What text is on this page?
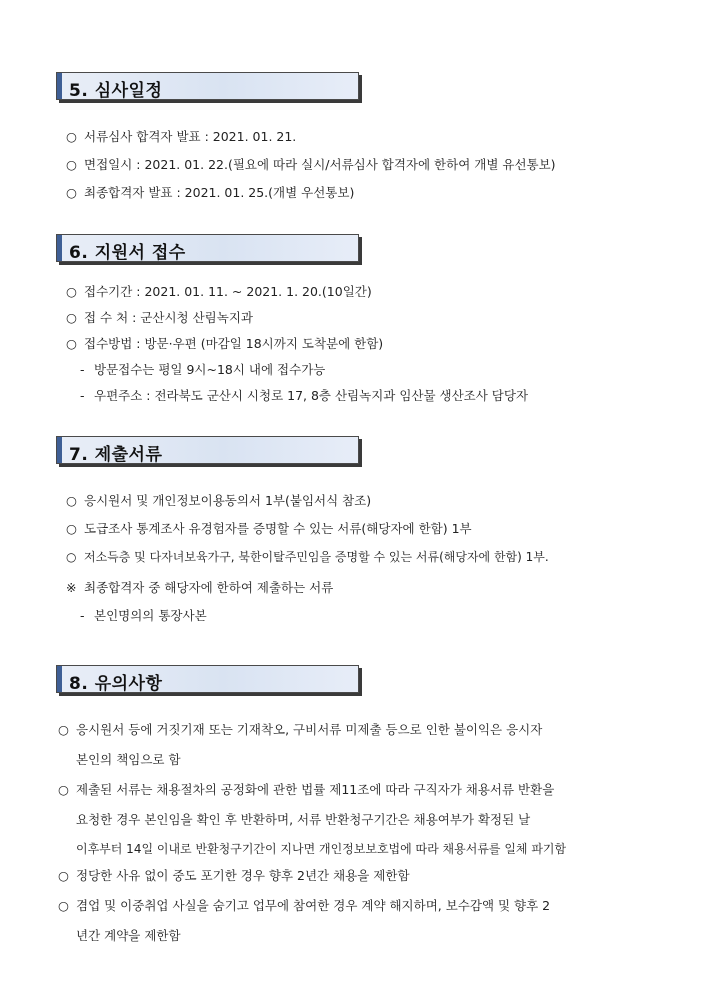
5. 심사일정
○ 서류심사 합격자 발표 : 2021. 01. 21.
○ 면접일시 : 2021. 01. 22.(필요에 따라 실시/서류심사 합격자에 한하여 개별 유선통보)
○ 최종합격자 발표 : 2021. 01. 25.(개별 우선통보)
6. 지원서 접수
○ 접수기간 : 2021. 01. 11. ~ 2021. 1. 20.(10일간)
○ 접 수 처 : 군산시청 산림녹지과
○ 접수방법 : 방문·우편 (마감일 18시까지 도착분에 한함)
- 방문접수는 평일 9시~18시 내에 접수가능
- 우편주소 : 전라북도 군산시 시청로 17, 8층 산림녹지과 임산물 생산조사 담당자
7. 제출서류
○ 응시원서 및 개인정보이용동의서 1부(붙임서식 참조)
○ 도급조사 통계조사 유경험자를 증명할 수 있는 서류(해당자에 한함) 1부
○ 저소득층 및 다자녀보육가구, 북한이탈주민임을 증명할 수 있는 서류(해당자에 한함) 1부.
※ 최종합격자 중 해당자에 한하여 제출하는 서류
- 본인명의의 통장사본
8. 유의사항
○ 응시원서 등에 거짓기재 또는 기재착오, 구비서류 미제출 등으로 인한 불이익은 응시자
본인의 책임으로 함
○ 제출된 서류는 채용절차의 공정화에 관한 법률 제11조에 따라 구직자가 채용서류 반환을
요청한 경우 본인임을 확인 후 반환하며, 서류 반환청구기간은 채용여부가 확정된 날
이후부터 14일 이내로 반환청구기간이 지나면 개인정보보호법에 따라 채용서류를 일체 파기함
○ 정당한 사유 없이 중도 포기한 경우 향후 2년간 채용을 제한함
○ 겸업 및 이중취업 사실을 숨기고 업무에 참여한 경우 계약 해지하며, 보수감액 및 향후 2
년간 계약을 제한함
